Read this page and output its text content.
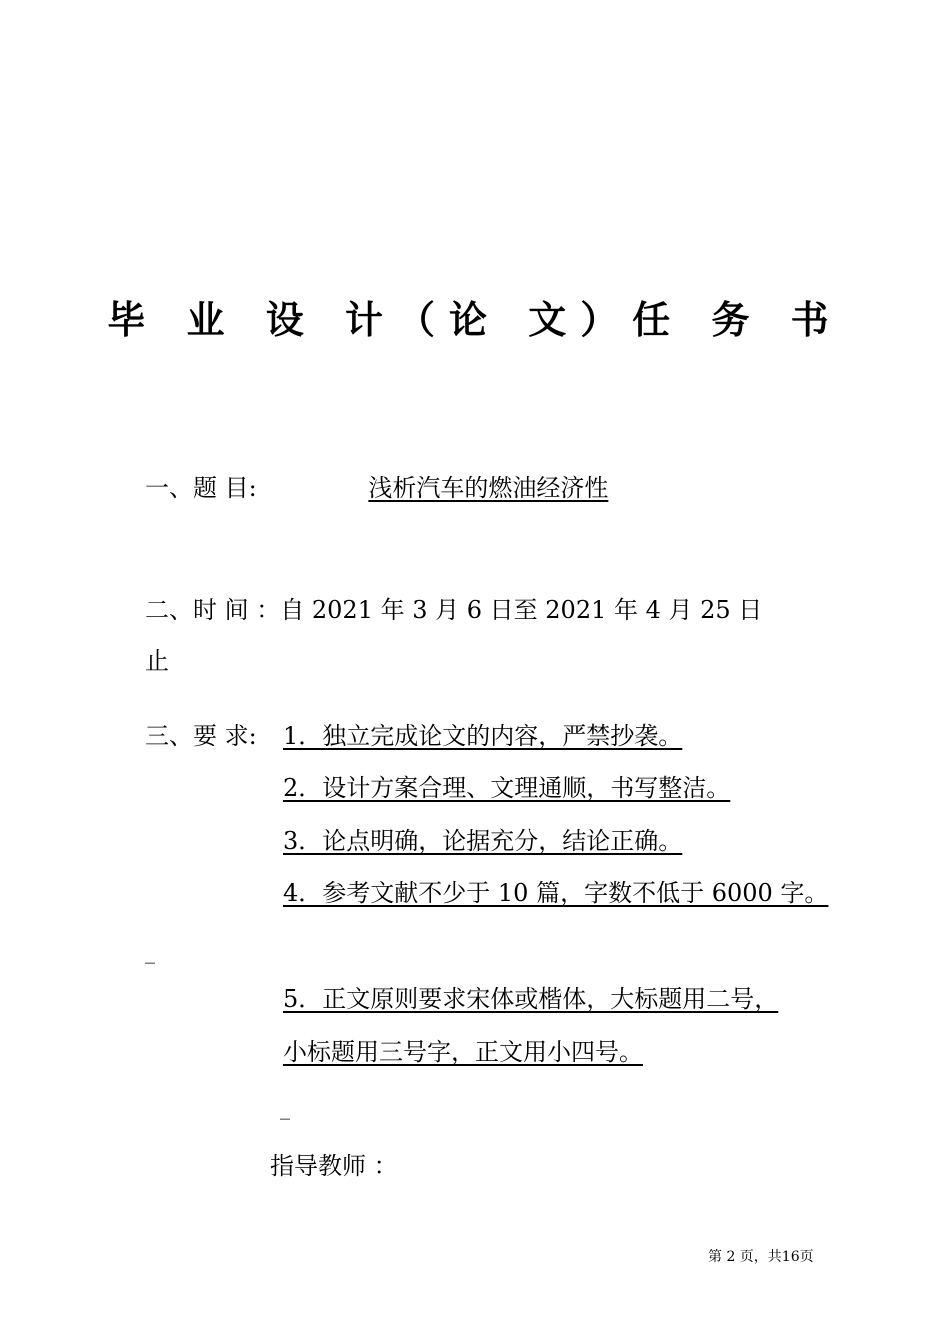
毕 业 设 计（论 文）任 务 书
一、题 目:	浅析汽车的燃油经济性
二、时 间 ：自 2021 年 3 月 6 日至 2021 年 4 月 25 日
止
三、要 求: 1．独立完成论文的内容，严禁抄袭。
2．设计方案合理、文理通顺，书写整洁。
3．论点明确，论据充分，结论正确。
4．参考文献不少于 10 篇，字数不低于 6000 字。
_
5．正文原则要求宋体或楷体，大标题用二号，
小标题用三号字，正文用小四号。
_
指导教师 ：
第 2 页，共16页
